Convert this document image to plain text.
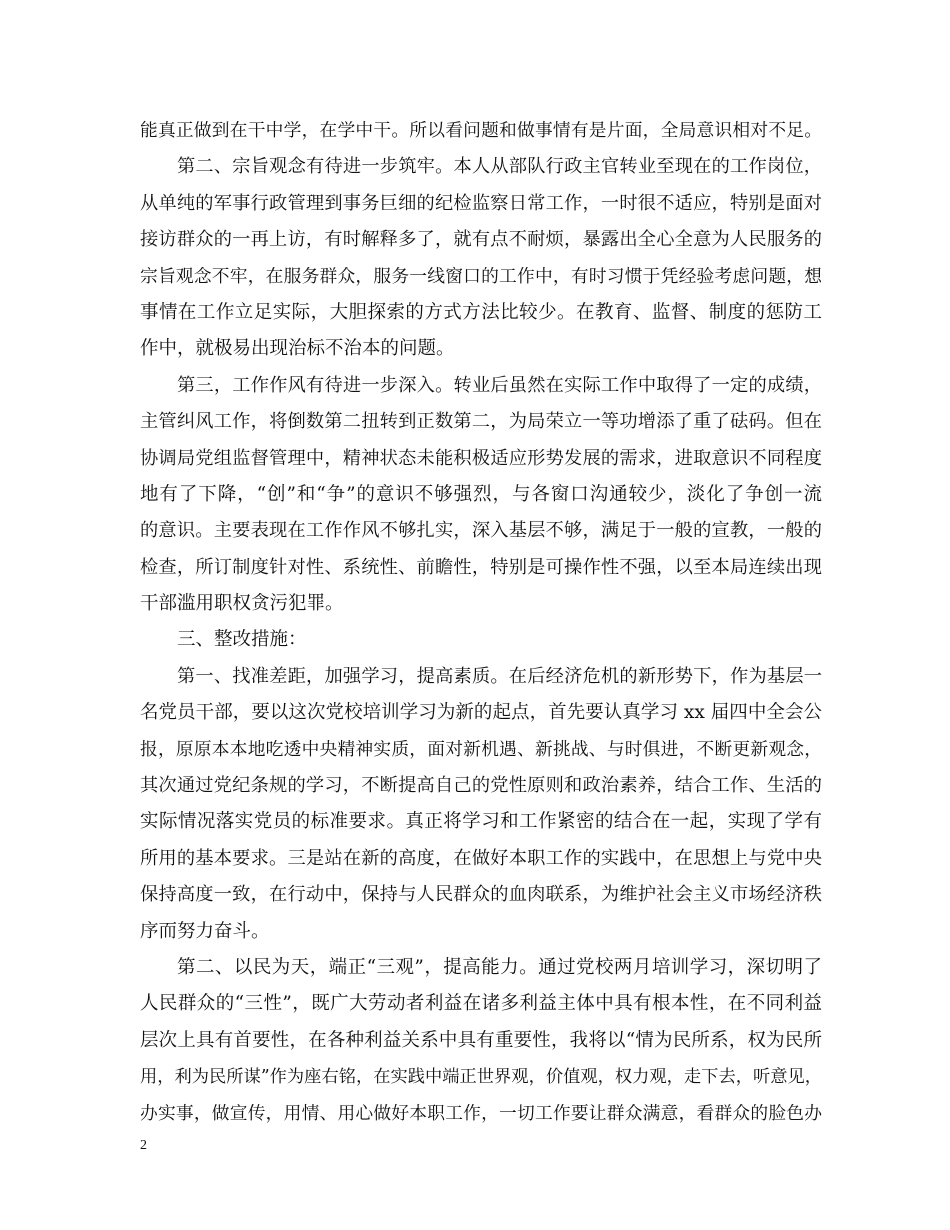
能真正做到在干中学，在学中干。所以看问题和做事情有是片面，全局意识相对不足。
第二、宗旨观念有待进一步筑牢。本人从部队行政主官转业至现在的工作岗位，
从单纯的军事行政管理到事务巨细的纪检监察日常工作，一时很不适应，特别是面对
接访群众的一再上访，有时解释多了，就有点不耐烦，暴露出全心全意为人民服务的
宗旨观念不牢，在服务群众，服务一线窗口的工作中，有时习惯于凭经验考虑问题，想
事情在工作立足实际，大胆探索的方式方法比较少。在教育、监督、制度的惩防工
作中，就极易出现治标不治本的问题。
第三，工作作风有待进一步深入。转业后虽然在实际工作中取得了一定的成绩，
主管纠风工作，将倒数第二扭转到正数第二，为局荣立一等功增添了重了砝码。但在
协调局党组监督管理中，精神状态未能积极适应形势发展的需求，进取意识不同程度
地有了下降，“创”和“争”的意识不够强烈，与各窗口沟通较少，淡化了争创一流
的意识。主要表现在工作作风不够扎实，深入基层不够，满足于一般的宣教，一般的
检查，所订制度针对性、系统性、前瞻性，特别是可操作性不强，以至本局连续出现
干部滥用职权贪污犯罪。
三、整改措施：
第一、找准差距，加强学习，提高素质。在后经济危机的新形势下，作为基层一
名党员干部，要以这次党校培训学习为新的起点，首先要认真学习 xx 届四中全会公
报，原原本本地吃透中央精神实质，面对新机遇、新挑战、与时俱进，不断更新观念，
其次通过党纪条规的学习，不断提高自己的党性原则和政治素养，结合工作、生活的
实际情况落实党员的标准要求。真正将学习和工作紧密的结合在一起，实现了学有
所用的基本要求。三是站在新的高度，在做好本职工作的实践中，在思想上与党中央
保持高度一致，在行动中，保持与人民群众的血肉联系，为维护社会主义市场经济秩
序而努力奋斗。
第二、以民为天，端正“三观”，提高能力。通过党校两月培训学习，深切明了
人民群众的“三性”，既广大劳动者利益在诸多利益主体中具有根本性，在不同利益
层次上具有首要性，在各种利益关系中具有重要性，我将以“情为民所系，权为民所
用，利为民所谋”作为座右铭，在实践中端正世界观，价值观，权力观，走下去，听意见，
办实事，做宣传，用情、用心做好本职工作，一切工作要让群众满意，看群众的脸色办
2
